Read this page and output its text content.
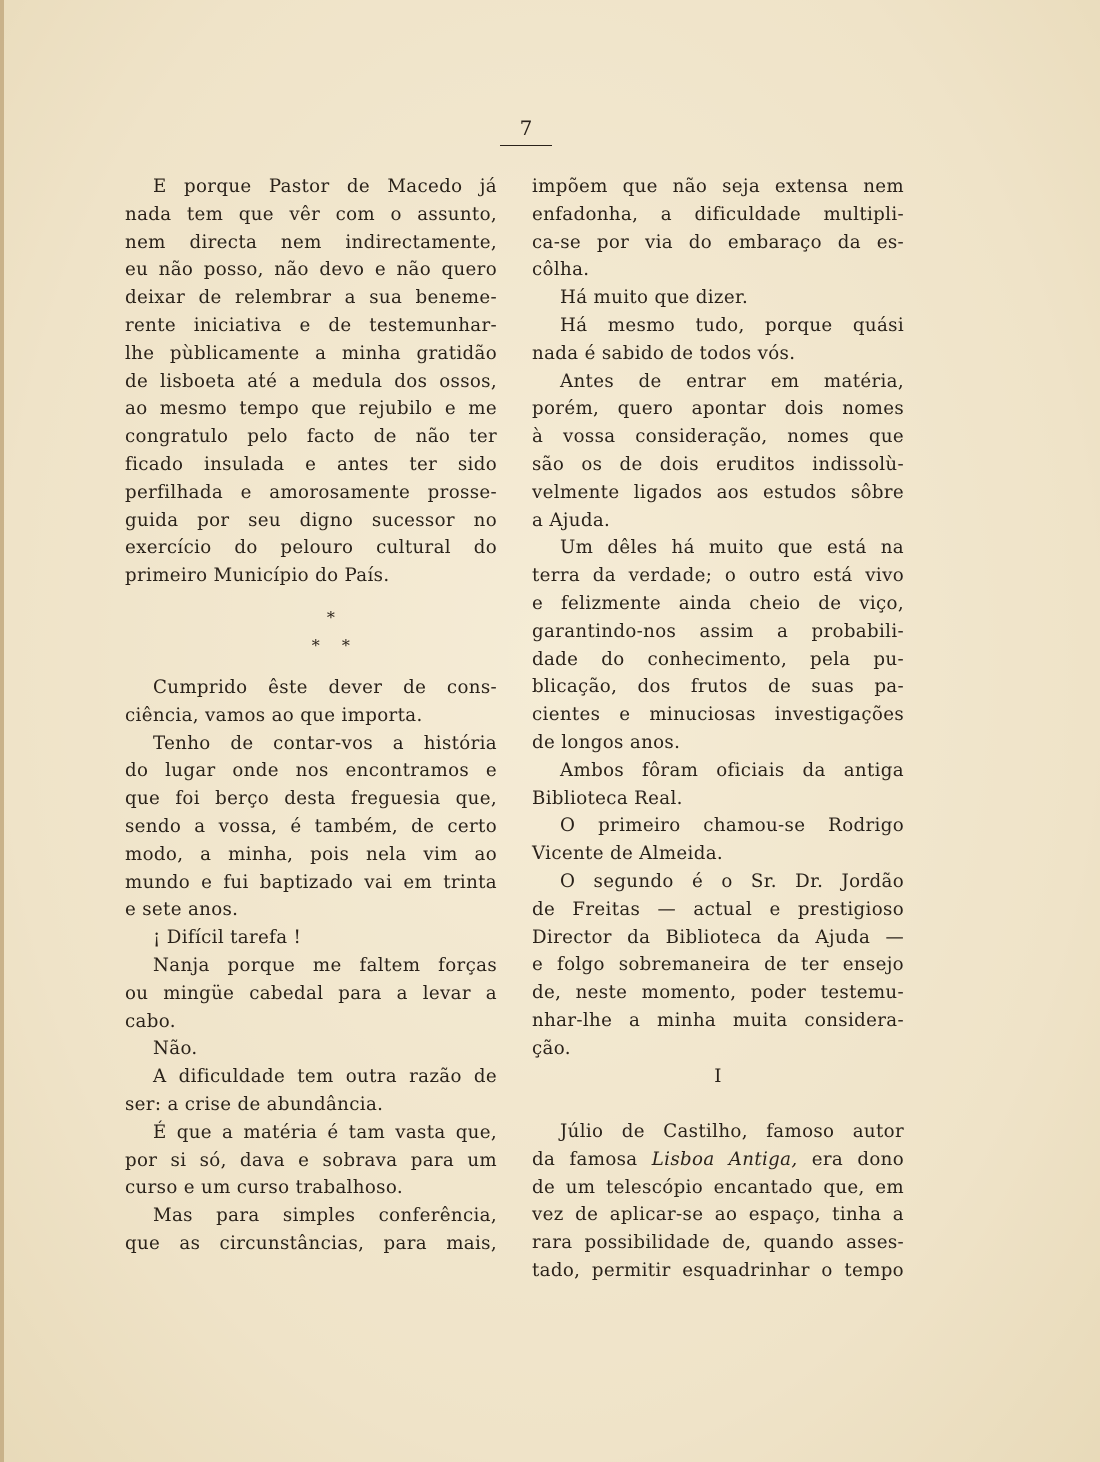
7
E porque Pastor de Macedo já
nada tem que vêr com o assunto,
nem directa nem indirectamente,
eu não posso, não devo e não quero
deixar de relembrar a sua beneme-
rente iniciativa e de testemunhar-
lhe pùblicamente a minha gratidão
de lisboeta até a medula dos ossos,
ao mesmo tempo que rejubilo e me
congratulo pelo facto de não ter
ficado insulada e antes ter sido
perfilhada e amorosamente prosse-
guida por seu digno sucessor no
exercício do pelouro cultural do
primeiro Município do País.
*
*    *
Cumprido êste dever de cons-
ciência, vamos ao que importa.
Tenho de contar-vos a história
do lugar onde nos encontramos e
que foi berço desta freguesia que,
sendo a vossa, é também, de certo
modo, a minha, pois nela vim ao
mundo e fui baptizado vai em trinta
e sete anos.
¡ Difícil tarefa !
Nanja porque me faltem forças
ou mingüe cabedal para a levar a
cabo.
Não.
A dificuldade tem outra razão de
ser: a crise de abundância.
É que a matéria é tam vasta que,
por si só, dava e sobrava para um
curso e um curso trabalhoso.
Mas para simples conferência,
que as circunstâncias, para mais,
impõem que não seja extensa nem
enfadonha, a dificuldade multipli-
ca-se por via do embaraço da es-
côlha.
Há muito que dizer.
Há mesmo tudo, porque quási
nada é sabido de todos vós.
Antes de entrar em matéria,
porém, quero apontar dois nomes
à vossa consideração, nomes que
são os de dois eruditos indissolù-
velmente ligados aos estudos sôbre
a Ajuda.
Um dêles há muito que está na
terra da verdade; o outro está vivo
e felizmente ainda cheio de viço,
garantindo-nos assim a probabili-
dade do conhecimento, pela pu-
blicação, dos frutos de suas pa-
cientes e minuciosas investigações
de longos anos.
Ambos fôram oficiais da antiga
Biblioteca Real.
O primeiro chamou-se Rodrigo
Vicente de Almeida.
O segundo é o Sr. Dr. Jordão
de Freitas — actual e prestigioso
Director da Biblioteca da Ajuda —
e folgo sobremaneira de ter ensejo
de, neste momento, poder testemu-
nhar-lhe a minha muita considera-
ção.
I
Júlio de Castilho, famoso autor
da famosa Lisboa Antiga, era dono
de um telescópio encantado que, em
vez de aplicar-se ao espaço, tinha a
rara possibilidade de, quando asses-
tado, permitir esquadrinhar o tempo
